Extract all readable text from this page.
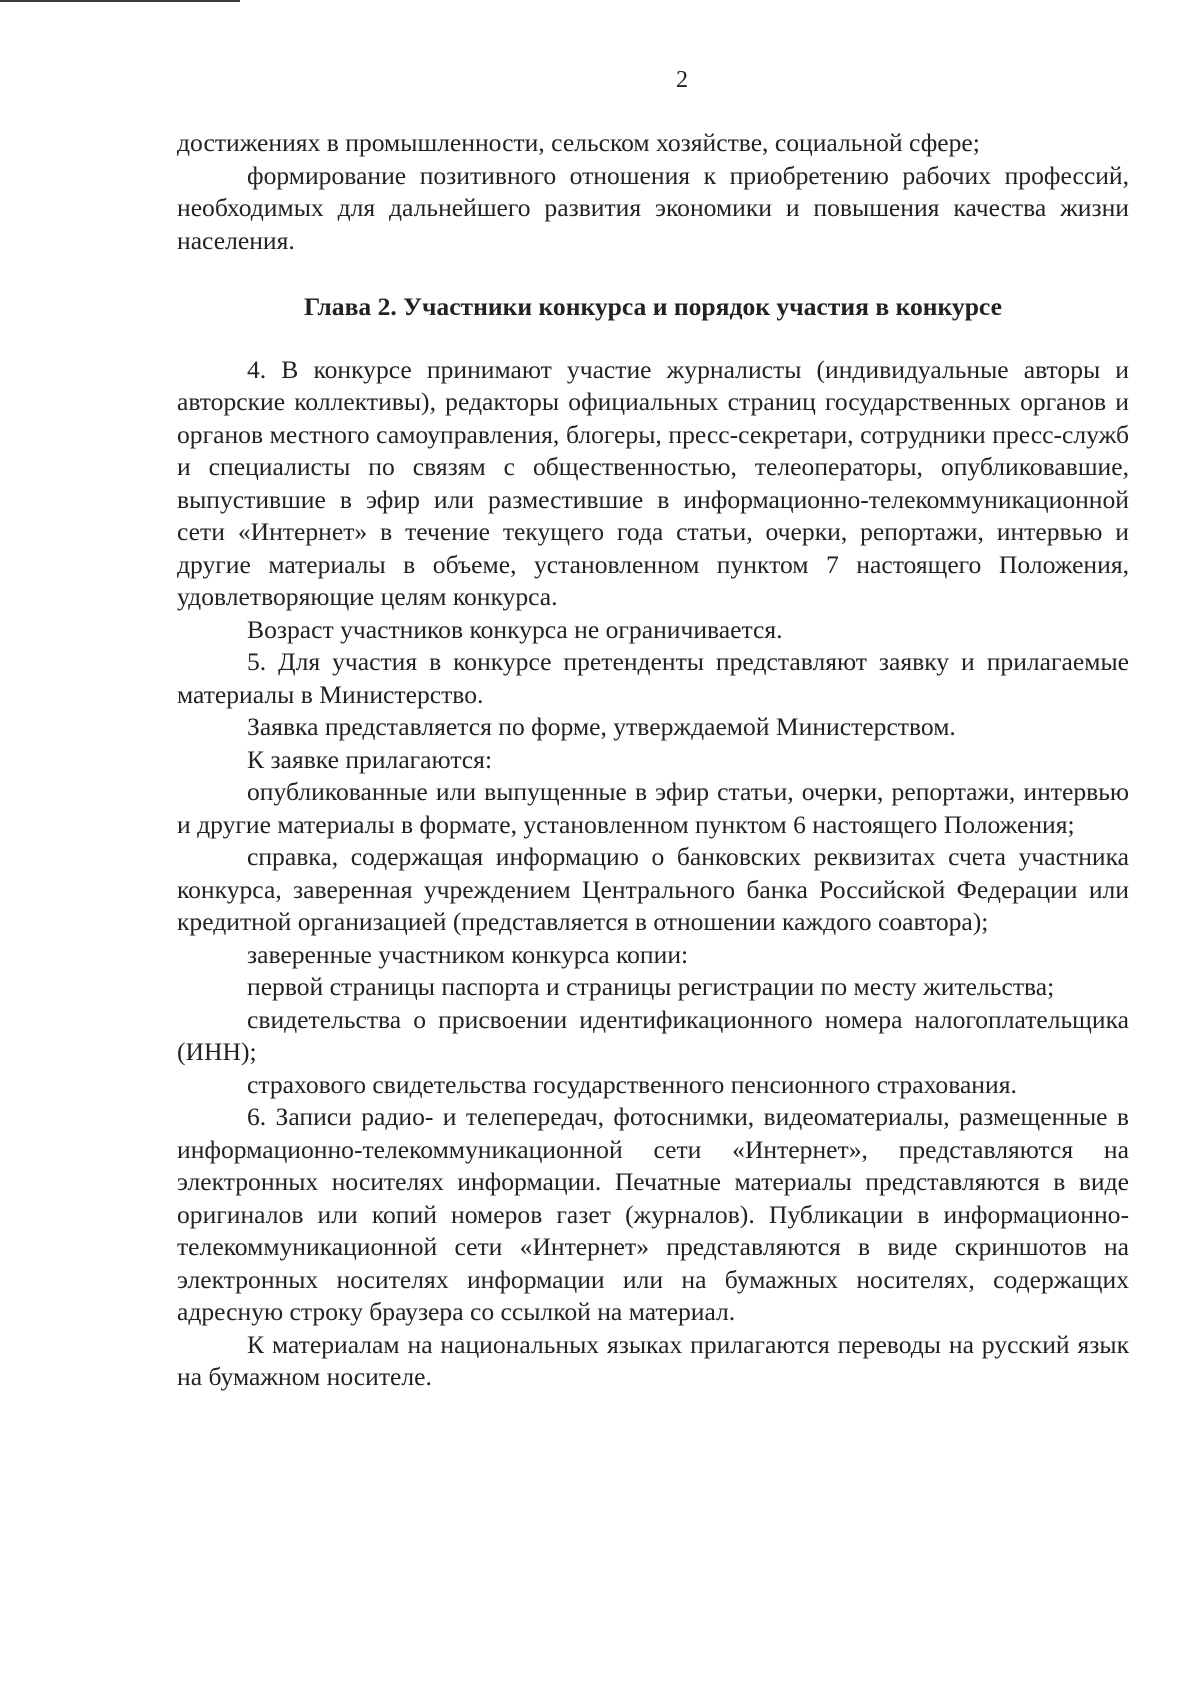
2

достижениях в промышленности, сельском хозяйстве, социальной сфере;

формирование позитивного отношения к приобретению рабочих профессий, необходимых для дальнейшего развития экономики и повышения качества жизни населения.

Глава 2. Участники конкурса и порядок участия в конкурсе

4. В конкурсе принимают участие журналисты (индивидуальные авторы и авторские коллективы), редакторы официальных страниц государственных органов и органов местного самоуправления, блогеры, пресс-секретари, сотрудники пресс-служб и специалисты по связям с общественностью, телеоператоры, опубликовавшие, выпустившие в эфир или разместившие в информационно-телекоммуникационной сети «Интернет» в течение текущего года статьи, очерки, репортажи, интервью и другие материалы в объеме, установленном пунктом 7 настоящего Положения, удовлетворяющие целям конкурса.

Возраст участников конкурса не ограничивается.

5. Для участия в конкурсе претенденты представляют заявку и прилагаемые материалы в Министерство.

Заявка представляется по форме, утверждаемой Министерством.

К заявке прилагаются:

опубликованные или выпущенные в эфир статьи, очерки, репортажи, интервью и другие материалы в формате, установленном пунктом 6 настоящего Положения;

справка, содержащая информацию о банковских реквизитах счета участника конкурса, заверенная учреждением Центрального банка Российской Федерации или кредитной организацией (представляется в отношении каждого соавтора);

заверенные участником конкурса копии:

первой страницы паспорта и страницы регистрации по месту жительства;

свидетельства о присвоении идентификационного номера налогоплательщика (ИНН);

страхового свидетельства государственного пенсионного страхования.

6. Записи радио- и телепередач, фотоснимки, видеоматериалы, размещенные в информационно-телекоммуникационной сети «Интернет», представляются на электронных носителях информации. Печатные материалы представляются в виде оригиналов или копий номеров газет (журналов). Публикации в информационно-телекоммуникационной сети «Интернет» представляются в виде скриншотов на электронных носителях информации или на бумажных носителях, содержащих адресную строку браузера со ссылкой на материал.

К материалам на национальных языках прилагаются переводы на русский язык на бумажном носителе.
